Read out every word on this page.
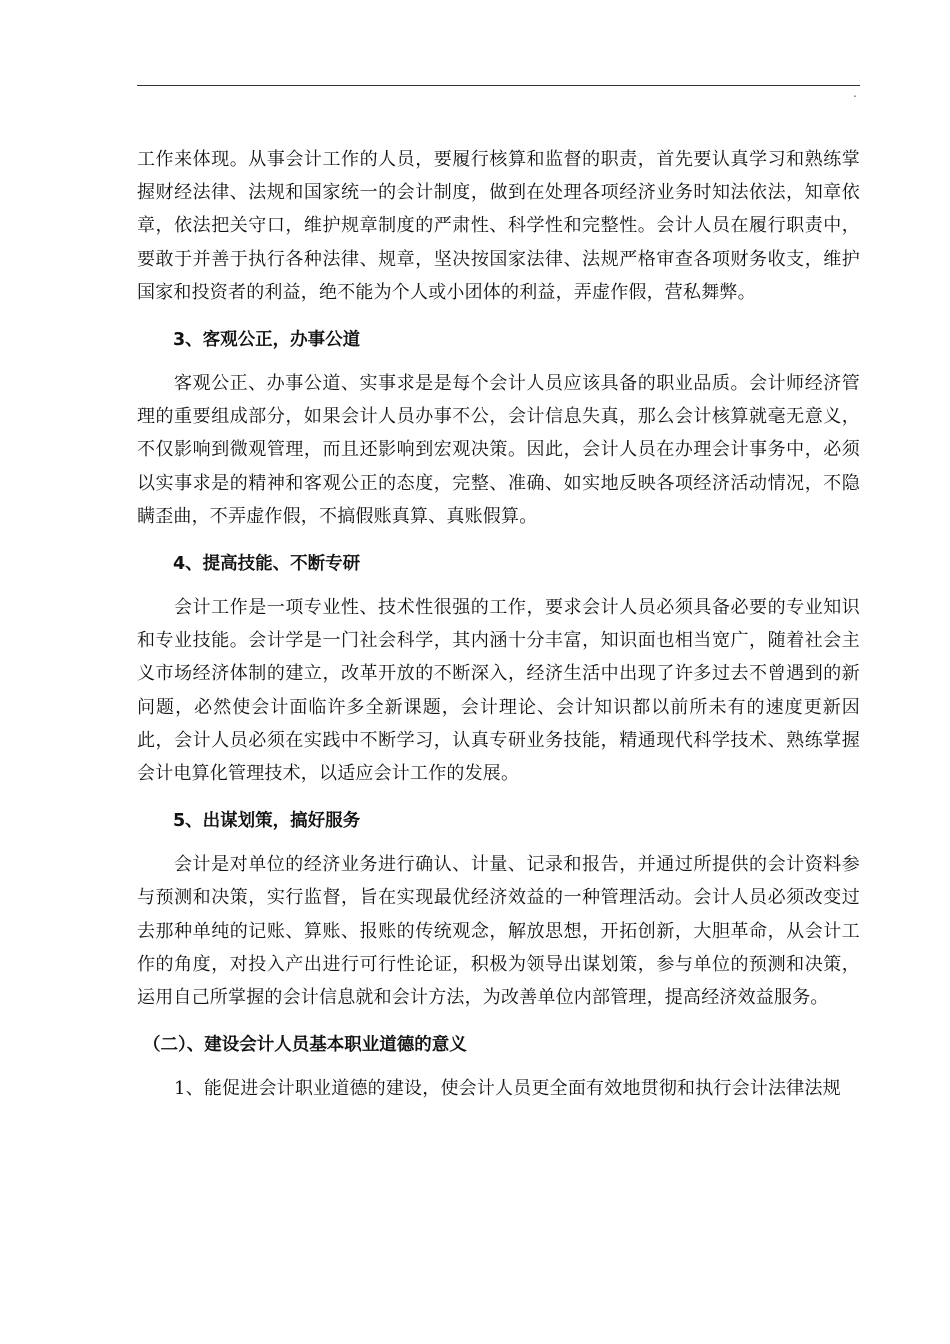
.

工作来体现。从事会计工作的人员，要履行核算和监督的职责，首先要认真学习和熟练掌握财经法律、法规和国家统一的会计制度，做到在处理各项经济业务时知法依法，知章依章，依法把关守口，维护规章制度的严肃性、科学性和完整性。会计人员在履行职责中，要敢于并善于执行各种法律、规章，坚决按国家法律、法规严格审查各项财务收支，维护国家和投资者的利益，绝不能为个人或小团体的利益，弄虚作假，营私舞弊。

3、客观公正，办事公道

客观公正、办事公道、实事求是是每个会计人员应该具备的职业品质。会计师经济管理的重要组成部分，如果会计人员办事不公，会计信息失真，那么会计核算就毫无意义，不仅影响到微观管理，而且还影响到宏观决策。因此，会计人员在办理会计事务中，必须以实事求是的精神和客观公正的态度，完整、准确、如实地反映各项经济活动情况，不隐瞒歪曲，不弄虚作假，不搞假账真算、真账假算。

4、提高技能、不断专研

会计工作是一项专业性、技术性很强的工作，要求会计人员必须具备必要的专业知识和专业技能。会计学是一门社会科学，其内涵十分丰富，知识面也相当宽广，随着社会主义市场经济体制的建立，改革开放的不断深入，经济生活中出现了许多过去不曾遇到的新问题，必然使会计面临许多全新课题，会计理论、会计知识都以前所未有的速度更新因此，会计人员必须在实践中不断学习，认真专研业务技能，精通现代科学技术、熟练掌握会计电算化管理技术，以适应会计工作的发展。

5、出谋划策，搞好服务

会计是对单位的经济业务进行确认、计量、记录和报告，并通过所提供的会计资料参与预测和决策，实行监督，旨在实现最优经济效益的一种管理活动。会计人员必须改变过去那种单纯的记账、算账、报账的传统观念，解放思想，开拓创新，大胆革命，从会计工作的角度，对投入产出进行可行性论证，积极为领导出谋划策，参与单位的预测和决策，运用自己所掌握的会计信息就和会计方法，为改善单位内部管理，提高经济效益服务。

（二）、建设会计人员基本职业道德的意义

1、能促进会计职业道德的建设，使会计人员更全面有效地贯彻和执行会计法律法规
